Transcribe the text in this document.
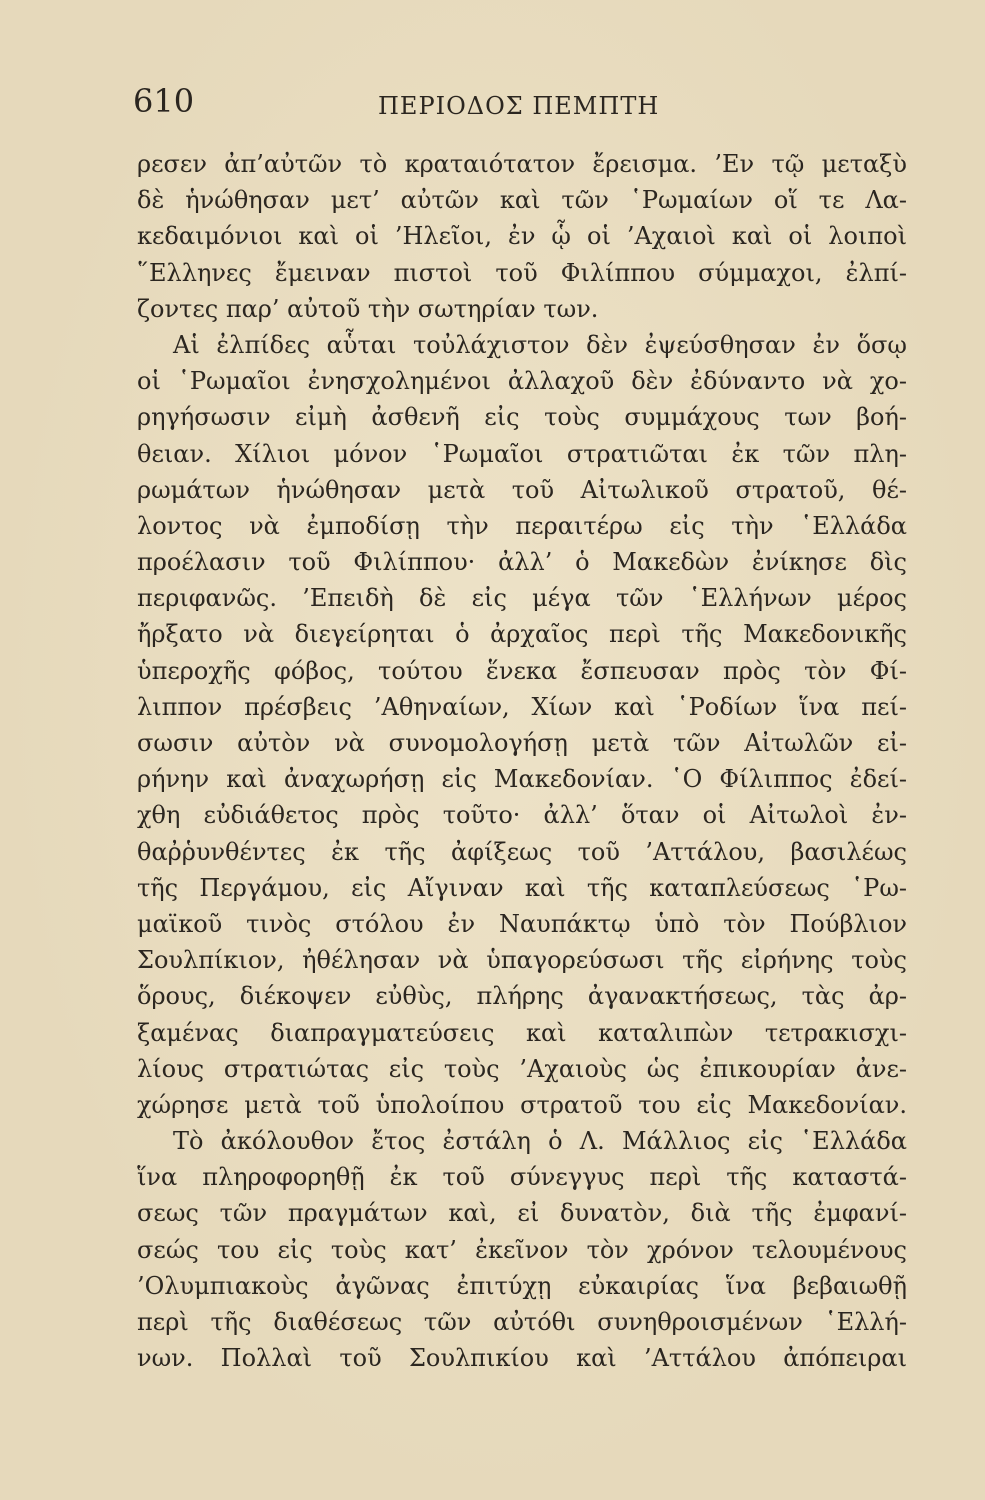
610	ΠΕΡΙΟΔΟΣ ΠΕΜΠΤΗ
ρεσεν ἀπ’αὐτῶν τὸ κραταιότατον ἔρεισμα. ’Εν τῷ μεταξὺ
δὲ ἡνώθησαν μετ’ αὐτῶν καὶ τῶν ῾Ρωμαίων οἵ τε Λα-
κεδαιμόνιοι καὶ οἱ ’Ηλεῖοι, ἐν ᾧ οἱ ’Αχαιοὶ καὶ οἱ λοιποὶ
῞Ελληνες ἔμειναν πιστοὶ τοῦ Φιλίππου σύμμαχοι, ἐλπί-
ζοντες παρ’ αὐτοῦ τὴν σωτηρίαν των.
Αἱ ἐλπίδες αὗται τοὐλάχιστον δὲν ἐψεύσθησαν ἐν ὅσῳ
οἱ ῾Ρωμαῖοι ἐνησχολημένοι ἀλλαχοῦ δὲν ἐδύναντο νὰ χο-
ρηγήσωσιν εἰμὴ ἀσθενῆ εἰς τοὺς συμμάχους των βοή-
θειαν. Χίλιοι μόνον ῾Ρωμαῖοι στρατιῶται ἐκ τῶν πλη-
ρωμάτων ἡνώθησαν μετὰ τοῦ Αἰτωλικοῦ στρατοῦ, θέ-
λοντος νὰ ἐμποδίσῃ τὴν περαιτέρω εἰς τὴν ῾Ελλάδα
προέλασιν τοῦ Φιλίππου· ἀλλ’ ὁ Μακεδὼν ἐνίκησε δὶς
περιφανῶς. ’Επειδὴ δὲ εἰς μέγα τῶν ῾Ελλήνων μέρος
ἤρξατο νὰ διεγείρηται ὁ ἀρχαῖος περὶ τῆς Μακεδονικῆς
ὑπεροχῆς φόβος, τούτου ἕνεκα ἔσπευσαν πρὸς τὸν Φί-
λιππον πρέσβεις ’Αθηναίων, Χίων καὶ ῾Ροδίων ἵνα πεί-
σωσιν αὐτὸν νὰ συνομολογήσῃ μετὰ τῶν Αἰτωλῶν εἰ-
ρήνην καὶ ἀναχωρήσῃ εἰς Μακεδονίαν. ῾Ο Φίλιππος ἐδεί-
χθη εὐδιάθετος πρὸς τοῦτο· ἀλλ’ ὅταν οἱ Αἰτωλοὶ ἐν-
θαῤῥυνθέντες ἐκ τῆς ἀφίξεως τοῦ ’Αττάλου, βασιλέως
τῆς Περγάμου, εἰς Αἴγιναν καὶ τῆς καταπλεύσεως ῾Ρω-
μαϊκοῦ τινὸς στόλου ἐν Ναυπάκτῳ ὑπὸ τὸν Πούβλιον
Σουλπίκιον, ἠθέλησαν νὰ ὑπαγορεύσωσι τῆς εἰρήνης τοὺς
ὅρους, διέκοψεν εὐθὺς, πλήρης ἀγανακτήσεως, τὰς ἀρ-
ξαμένας διαπραγματεύσεις καὶ καταλιπὼν τετρακισχι-
λίους στρατιώτας εἰς τοὺς ’Αχαιοὺς ὡς ἐπικουρίαν ἀνε-
χώρησε μετὰ τοῦ ὑπολοίπου στρατοῦ του εἰς Μακεδονίαν.
Τὸ ἀκόλουθον ἔτος ἐστάλη ὁ Λ. Μάλλιος εἰς ῾Ελλάδα
ἵνα πληροφορηθῇ ἐκ τοῦ σύνεγγυς περὶ τῆς καταστά-
σεως τῶν πραγμάτων καὶ, εἰ δυνατὸν, διὰ τῆς ἐμφανί-
σεώς του εἰς τοὺς κατ’ ἐκεῖνον τὸν χρόνον τελουμένους
’Ολυμπιακοὺς ἀγῶνας ἐπιτύχῃ εὐκαιρίας ἵνα βεβαιωθῇ
περὶ τῆς διαθέσεως τῶν αὐτόθι συνηθροισμένων ῾Ελλή-
νων. Πολλαὶ τοῦ Σουλπικίου καὶ ’Αττάλου ἀπόπειραι
